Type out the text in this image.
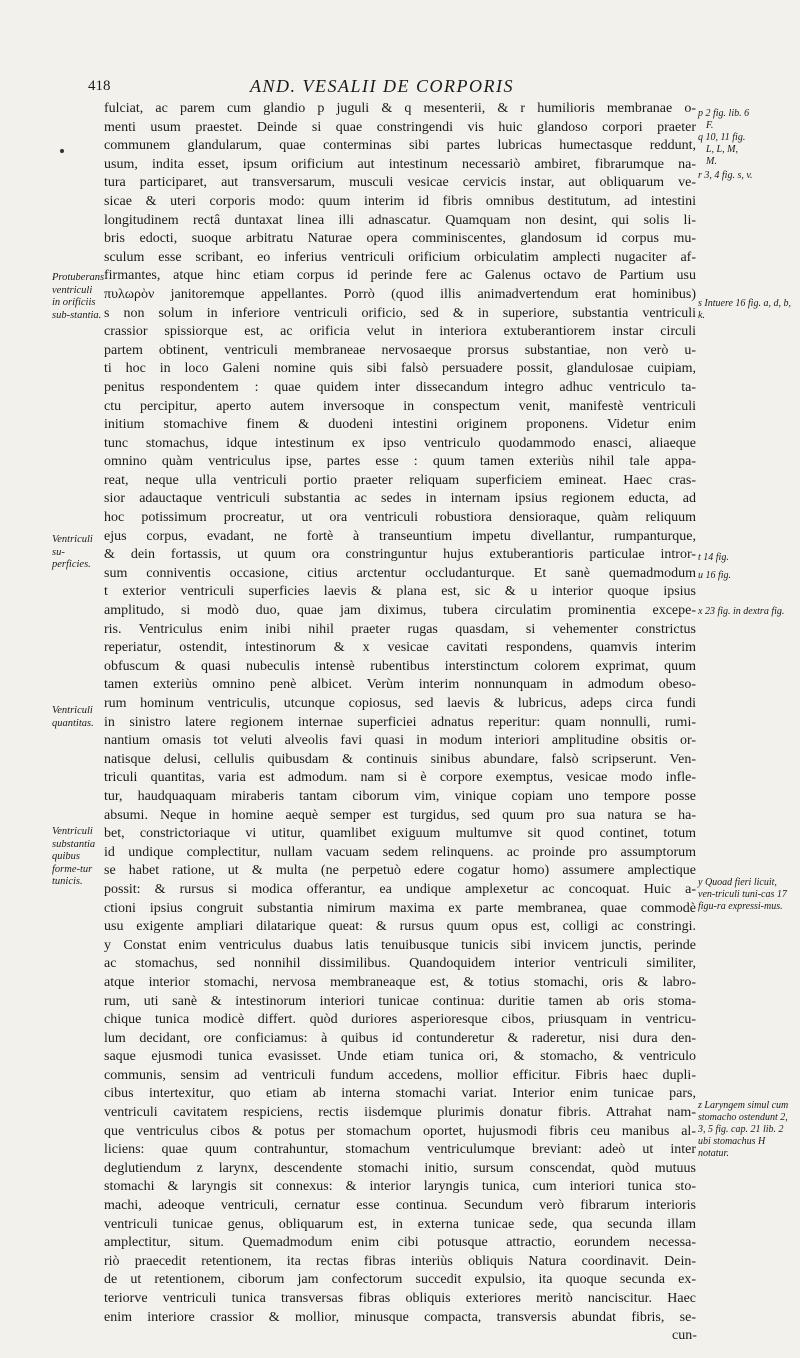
418	AND. VESALII DE CORPORIS
fulciat, ac parem cum glandio p juguli & q mesenterii, & r humilioris membranae o-
menti usum praestet. Deinde si quae constringendi vis huic glandoso corpori praeter
communem glandularum, quae conterminas sibi partes lubricas humectasque reddunt,
usum, indita esset, ipsum orificium aut intestinum necessariò ambiret, fibrarumque na-
tura participaret, aut transversarum, musculi vesicae cervicis instar, aut obliquarum ve-
sicae & uteri corporis modo: quum interim id fibris omnibus destitutum, ad intestini
longitudinem rectâ duntaxat linea illi adnascatur. Quamquam non desint, qui solis li-
bris edocti, suoque arbitratu Naturae opera comminiscentes, glandosum id corpus mu-
sculum esse scribant, eo inferius ventriculi orificium orbiculatim amplecti nugaciter af-
firmantes, atque hinc etiam corpus id perinde fere ac Galenus octavo de Partium usu
πυλωρὸν janitoremque appellantes. Porrò (quod illis animadvertendum erat hominibus)
s non solum in inferiore ventriculi orificio, sed & in superiore, substantia ventriculi
crassior spissiorque est, ac orificia velut in interiora extuberantiorem instar circuli
partem obtinent, ventriculi membraneae nervosaeque prorsus substantiae, non verò u-
ti hoc in loco Galeni nomine quis sibi falsò persuadere possit, glandulosae cuipiam,
penitus respondentem : quae quidem inter dissecandum integro adhuc ventriculo ta-
ctu percipitur, aperto autem inversoque in conspectum venit, manifestè ventriculi
initium stomachive finem & duodeni intestini originem proponens. Videtur enim
tunc stomachus, idque intestinum ex ipso ventriculo quodammodo enasci, aliaeque
omnino quàm ventriculus ipse, partes esse : quum tamen exteriùs nihil tale appa-
reat, neque ulla ventriculi portio praeter reliquam superficiem emineat. Haec cras-
sior adauctaque ventriculi substantia ac sedes in internam ipsius regionem educta, ad
hoc potissimum procreatur, ut ora ventriculi robustiora densioraque, quàm reliquum
ejus corpus, evadant, ne fortè à transeuntium impetu divellantur, rumpanturque,
& dein fortassis, ut quum ora constringuntur hujus extuberantioris particulae intror-
sum conniventis occasione, citius arctentur occludanturque. Et sanè quemadmodum
t exterior ventriculi superficies laevis & plana est, sic & u interior quoque ipsius
amplitudo, si modò duo, quae jam diximus, tubera circulatim prominentia excepe-
ris. Ventriculus enim inibi nihil praeter rugas quasdam, si vehementer constrictus
reperiatur, ostendit, intestinorum & x vesicae cavitati respondens, quamvis interim
obfuscum & quasi nubeculis intensè rubentibus interstinctum colorem exprimat, quum
tamen exteriùs omnino penè albicet. Verùm interim nonnunquam in admodum obeso-
rum hominum ventriculis, utcunque copiosus, sed laevis & lubricus, adeps circa fundi
in sinistro latere regionem internae superficiei adnatus reperitur: quam nonnulli, rumi-
nantium omasis tot veluti alveolis favi quasi in modum interiori amplitudine obsitis or-
natisque delusi, cellulis quibusdam & continuis sinibus abundare, falsò scripserunt. Ven-
triculi quantitas, varia est admodum. nam si è corpore exemptus, vesicae modo infle-
tur, haudquaquam miraberis tantam ciborum vim, vinique copiam uno tempore posse
absumi. Neque in homine aequè semper est turgidus, sed quum pro sua natura se ha-
bet, constrictoriaque vi utitur, quamlibet exiguum multumve sit quod continet, totum
id undique complectitur, nullam vacuam sedem relinquens. ac proinde pro assumptorum
se habet ratione, ut & multa (ne perpetuò edere cogatur homo) assumere amplectique
possit: & rursus si modica offerantur, ea undique amplexetur ac concoquat. Huic a-
ctioni ipsius congruit substantia nimirum maxima ex parte membranea, quae commodè
usu exigente ampliari dilatarique queat: & rursus quum opus est, colligi ac constringi.
y Constat enim ventriculus duabus latis tenuibusque tunicis sibi invicem junctis, perinde
ac stomachus, sed nonnihil dissimilibus. Quandoquidem interior ventriculi similiter,
atque interior stomachi, nervosa membraneaque est, & totius stomachi, oris & labro-
rum, uti sanè & intestinorum interiori tunicae continua: duritie tamen ab oris stoma-
chique tunica modicè differt. quòd duriores asperioresque cibos, priusquam in ventricu-
lum decidant, ore conficiamus: à quibus id contunderetur & raderetur, nisi dura den-
saque ejusmodi tunica evasisset. Unde etiam tunica ori, & stomacho, & ventriculo
communis, sensim ad ventriculi fundum accedens, mollior efficitur. Fibris haec dupli-
cibus intertexitur, quo etiam ab interna stomachi variat. Interior enim tunicae pars,
ventriculi cavitatem respiciens, rectis iisdemque plurimis donatur fibris. Attrahat nam-
que ventriculus cibos & potus per stomachum oportet, hujusmodi fibris ceu manibus al-
liciens: quae quum contrahuntur, stomachum ventriculumque breviant: adeò ut inter
deglutiendum z larynx, descendente stomachi initio, sursum conscendat, quòd mutuus
stomachi & laryngis sit connexus: & interior laryngis tunica, cum interiori tunica sto-
machi, adeoque ventriculi, cernatur esse continua. Secundum verò fibrarum interioris
ventriculi tunicae genus, obliquarum est, in externa tunicae sede, qua secunda illam
amplectitur, situm. Quemadmodum enim cibi potusque attractio, eorundem necessa-
riò praecedit retentionem, ita rectas fibras interiùs obliquis Natura coordinavit. Dein-
de ut retentionem, ciborum jam confectorum succedit expulsio, ita quoque secunda ex-
teriorve ventriculi tunica transversas fibras obliquis exteriores meritò nanciscitur. Haec
enim interiore crassior & mollior, minusque compacta, transversis abundat fibris, se-
Protuberans ventriculi in orificiis sub-stantia.
Ventriculi su-perficies.
Ventriculi quantitas.
Ventriculi substantia quibus forme-tur tunicis.
p 2 fig. lib. 6
F.
q 10, 11 fig.
L, L, M,
M.
r 3, 4 fig. s, v.
s Intuere 16 fig. a, d, b, k.
t 14 fig.
u 16 fig.
x 23 fig. in dextra fig.
y Quoad fieri licuit, ven-triculi tuni-cas 17 figu-ra expressi-mus.
z Laryngem simul cum stomacho ostendunt 2, 3, 5 fig. cap. 21 lib. 2 ubi stomachus H notatur.
cun-
